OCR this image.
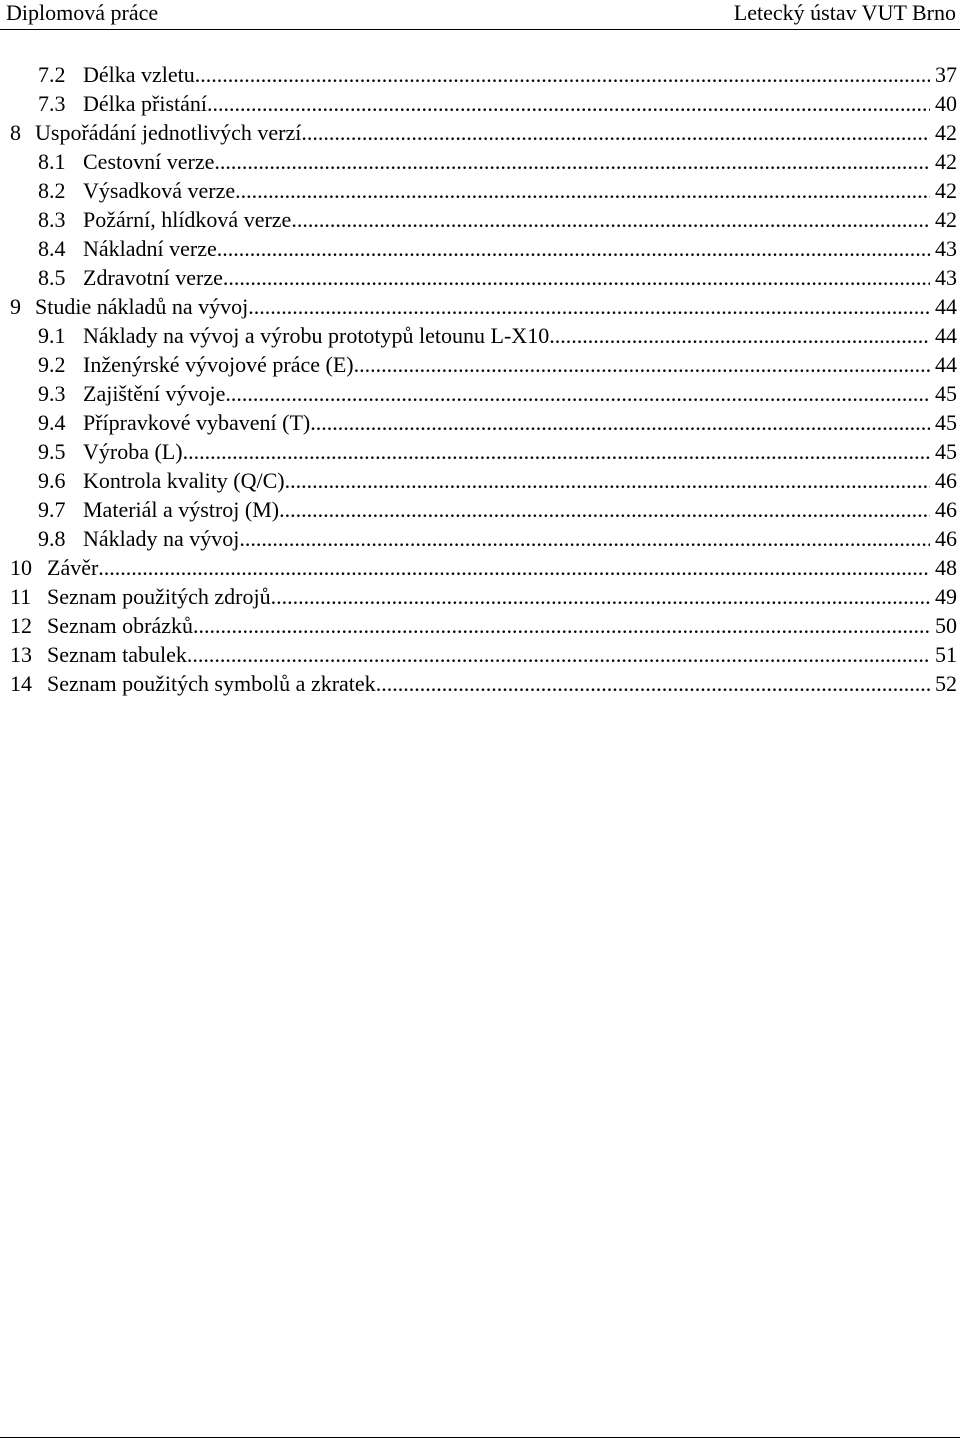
Diplomová práce	Letecký ústav VUT Brno
7.2 Délka vzletu .....	37
7.3 Délka přistání .....	40
8 Uspořádání jednotlivých verzí .....	42
8.1 Cestovní verze .....	42
8.2 Výsadková verze .....	42
8.3 Požární, hlídková verze .....	42
8.4 Nákladní verze .....	43
8.5 Zdravotní verze .....	43
9 Studie nákladů na vývoj .....	44
9.1 Náklady na vývoj a výrobu prototypů letounu L-X10 .....	44
9.2 Inženýrské vývojové práce (E) .....	44
9.3 Zajištění vývoje .....	45
9.4 Přípravkové vybavení (T) .....	45
9.5 Výroba (L) .....	45
9.6 Kontrola kvality (Q/C) .....	46
9.7 Materiál a výstroj (M) .....	46
9.8 Náklady na vývoj .....	46
10 Závěr .....	48
11 Seznam použitých zdrojů .....	49
12 Seznam obrázků .....	50
13 Seznam tabulek .....	51
14 Seznam použitých symbolů a zkratek .....	52
